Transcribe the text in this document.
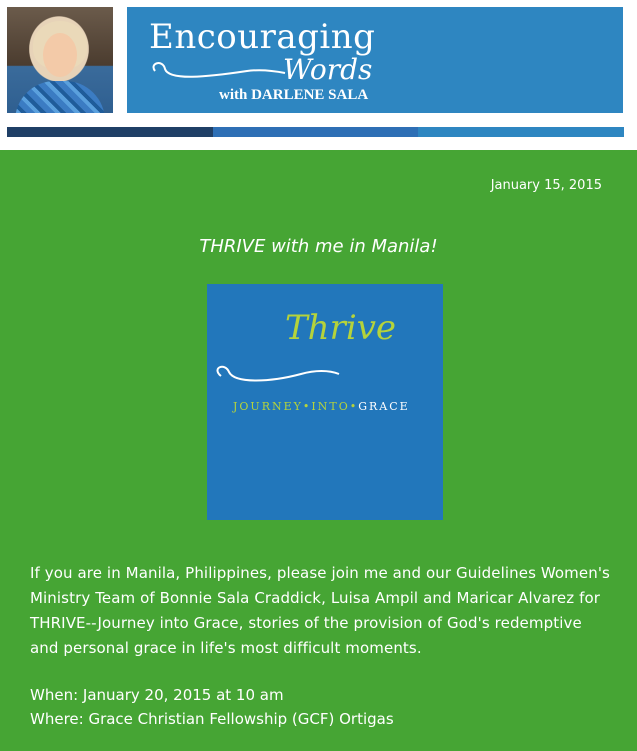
Encouraging
Words
with DARLENE SALA
January 15, 2015
THRIVE with me in Manila!
Thrive
JOURNEY•INTO•GRACE
If you are in Manila, Philippines, please join me and our Guidelines Women's Ministry Team of Bonnie Sala Craddick, Luisa Ampil and Maricar Alvarez for THRIVE--Journey into Grace, stories of the provision of God's redemptive and personal grace in life's most difficult moments.
When: January 20, 2015 at 10 am
Where: Grace Christian Fellowship (GCF) Ortigas
